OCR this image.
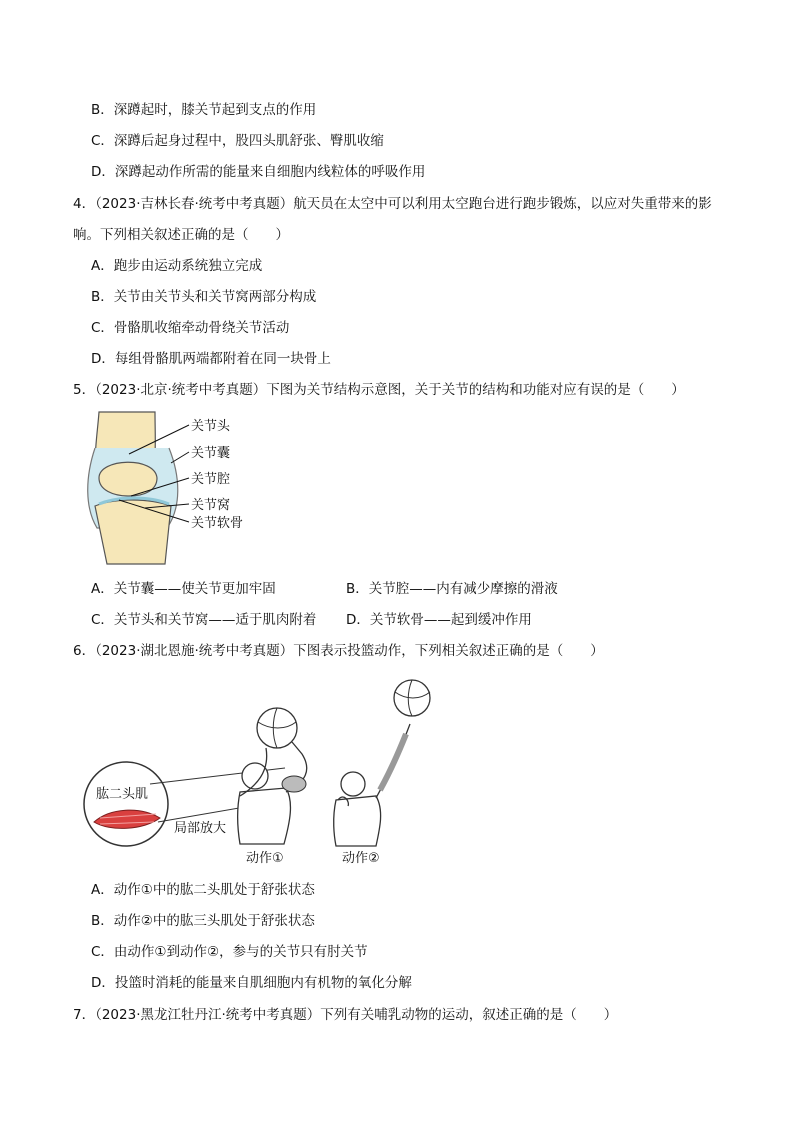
B．深蹲起时，膝关节起到支点的作用
C．深蹲后起身过程中，股四头肌舒张、臀肌收缩
D．深蹲起动作所需的能量来自细胞内线粒体的呼吸作用
4．（2023·吉林长春·统考中考真题）航天员在太空中可以利用太空跑台进行跑步锻炼，以应对失重带来的影
响。下列相关叙述正确的是（　　）
A．跑步由运动系统独立完成
B．关节由关节头和关节窝两部分构成
C．骨骼肌收缩牵动骨绕关节活动
D．每组骨骼肌两端都附着在同一块骨上
5．（2023·北京·统考中考真题）下图为关节结构示意图，关于关节的结构和功能对应有误的是（　　）
关节头
关节囊
关节腔
关节窝
关节软骨
A．关节囊——使关节更加牢固	B．关节腔——内有减少摩擦的滑液
C．关节头和关节窝——适于肌肉附着 D．关节软骨——起到缓冲作用
6．（2023·湖北恩施·统考中考真题）下图表示投篮动作，下列相关叙述正确的是（　　）
肱二头肌
局部放大
动作①	动作②
A．动作①中的肱二头肌处于舒张状态
B．动作②中的肱三头肌处于舒张状态
C．由动作①到动作②，参与的关节只有肘关节
D．投篮时消耗的能量来自肌细胞内有机物的氧化分解
7．（2023·黑龙江牡丹江·统考中考真题）下列有关哺乳动物的运动，叙述正确的是（　　）
